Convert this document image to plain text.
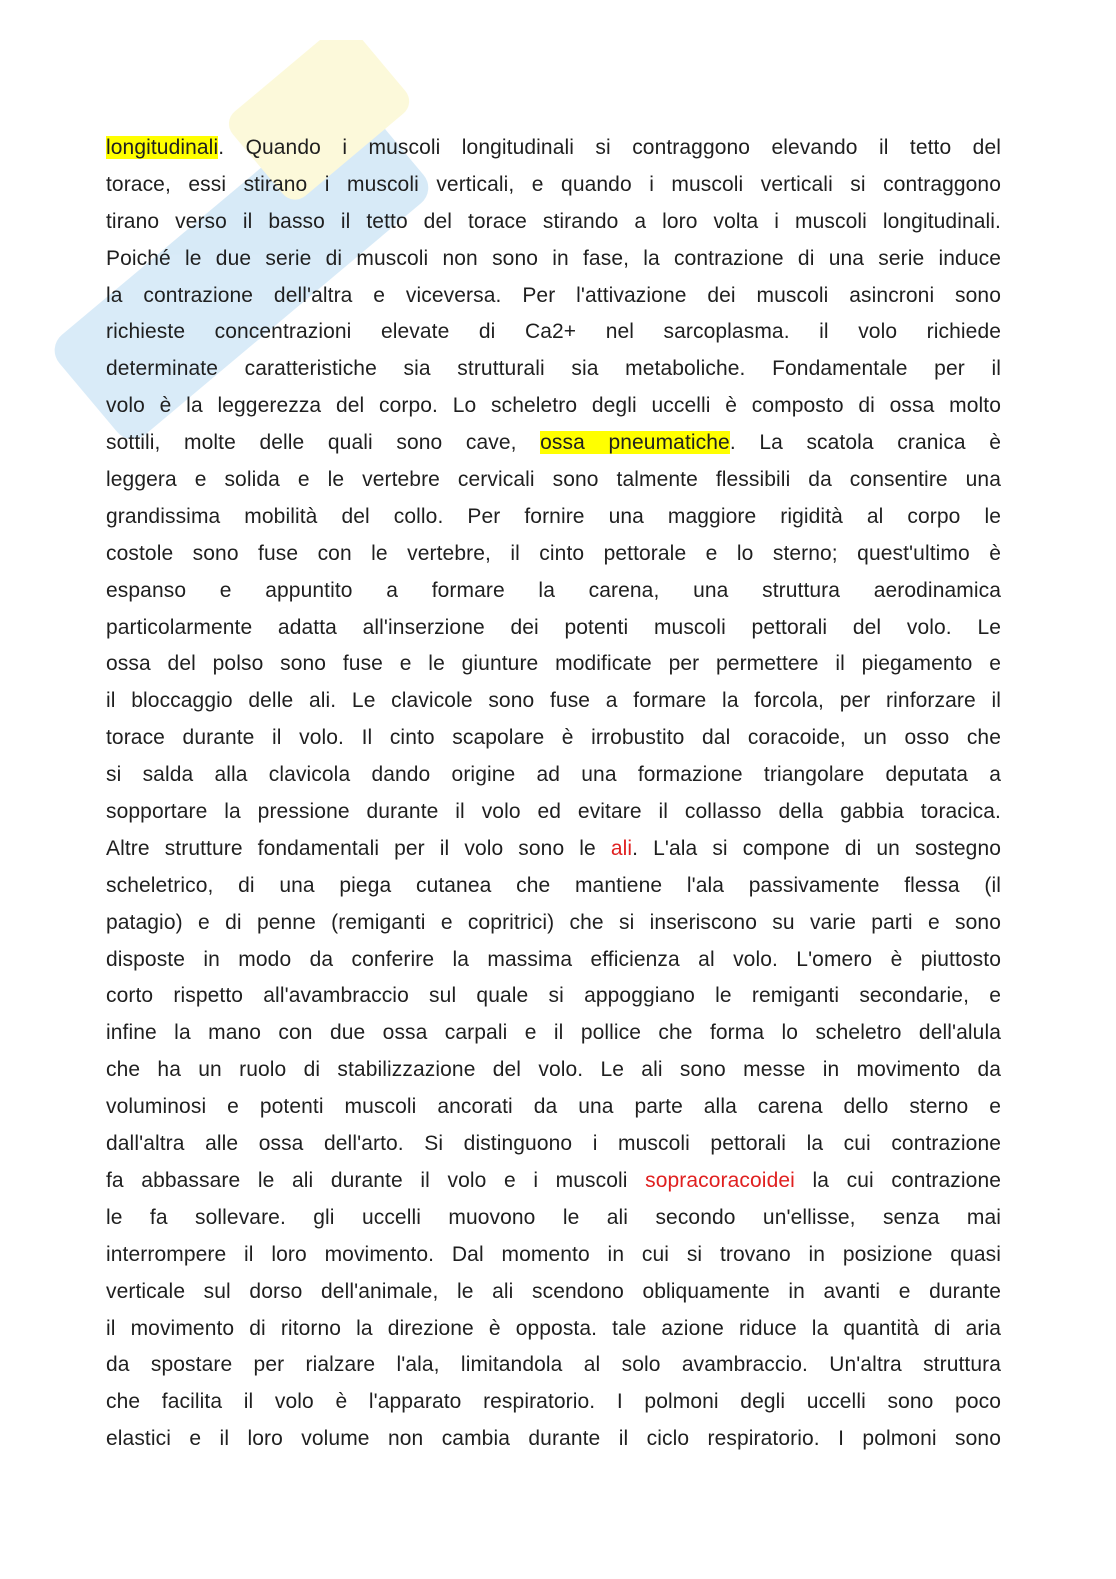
longitudinali. Quando i muscoli longitudinali si contraggono elevando il tetto del
torace, essi stirano i muscoli verticali, e quando i muscoli verticali si contraggono
tirano verso il basso il tetto del torace stirando a loro volta i muscoli longitudinali.
Poiché le due serie di muscoli non sono in fase, la contrazione di una serie induce
la contrazione dell'altra e viceversa. Per l'attivazione dei muscoli asincroni sono
richieste concentrazioni elevate di Ca2+ nel sarcoplasma. il volo richiede
determinate caratteristiche sia strutturali sia metaboliche. Fondamentale per il
volo è la leggerezza del corpo. Lo scheletro degli uccelli è composto di ossa molto
sottili, molte delle quali sono cave, ossa pneumatiche. La scatola cranica è
leggera e solida e le vertebre cervicali sono talmente flessibili da consentire una
grandissima mobilità del collo. Per fornire una maggiore rigidità al corpo le
costole sono fuse con le vertebre, il cinto pettorale e lo sterno; quest'ultimo è
espanso e appuntito a formare la carena, una struttura aerodinamica
particolarmente adatta all'inserzione dei potenti muscoli pettorali del volo. Le
ossa del polso sono fuse e le giunture modificate per permettere il piegamento e
il bloccaggio delle ali. Le clavicole sono fuse a formare la forcola, per rinforzare il
torace durante il volo. Il cinto scapolare è irrobustito dal coracoide, un osso che
si salda alla clavicola dando origine ad una formazione triangolare deputata a
sopportare la pressione durante il volo ed evitare il collasso della gabbia toracica.
Altre strutture fondamentali per il volo sono le ali. L'ala si compone di un sostegno
scheletrico, di una piega cutanea che mantiene l'ala passivamente flessa (il
patagio) e di penne (remiganti e copritrici) che si inseriscono su varie parti e sono
disposte in modo da conferire la massima efficienza al volo. L'omero è piuttosto
corto rispetto all'avambraccio sul quale si appoggiano le remiganti secondarie, e
infine la mano con due ossa carpali e il pollice che forma lo scheletro dell'alula
che ha un ruolo di stabilizzazione del volo. Le ali sono messe in movimento da
voluminosi e potenti muscoli ancorati da una parte alla carena dello sterno e
dall'altra alle ossa dell'arto. Si distinguono i muscoli pettorali la cui contrazione
fa abbassare le ali durante il volo e i muscoli sopracoracoidei la cui contrazione
le fa sollevare. gli uccelli muovono le ali secondo un'ellisse, senza mai
interrompere il loro movimento. Dal momento in cui si trovano in posizione quasi
verticale sul dorso dell'animale, le ali scendono obliquamente in avanti e durante
il movimento di ritorno la direzione è opposta. tale azione riduce la quantità di aria
da spostare per rialzare l'ala, limitandola al solo avambraccio. Un'altra struttura
che facilita il volo è l'apparato respiratorio. I polmoni degli uccelli sono poco
elastici e il loro volume non cambia durante il ciclo respiratorio. I polmoni sono
